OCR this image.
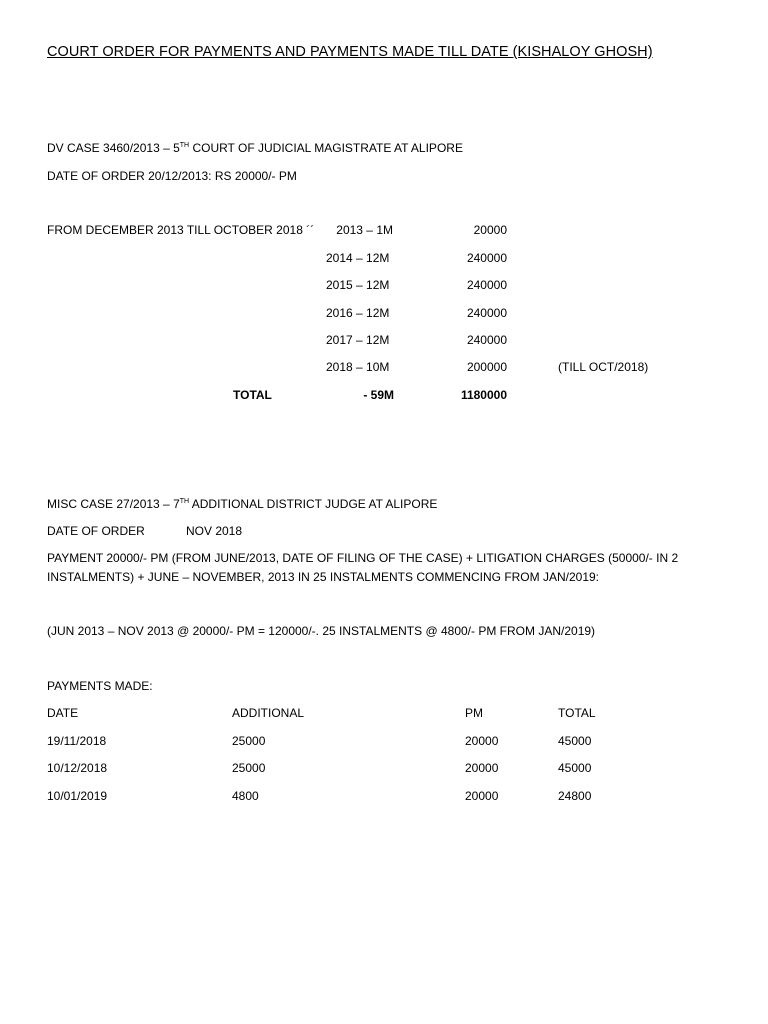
COURT ORDER FOR PAYMENTS AND PAYMENTS MADE TILL DATE (KISHALOY GHOSH)
DV CASE 3460/2013 – 5TH COURT OF JUDICIAL MAGISTRATE AT ALIPORE
DATE OF ORDER 20/12/2013: RS 20000/- PM
FROM DECEMBER 2013 TILL OCTOBER 2018 ´´ 2013 – 1M	20000
2014 – 12M	240000
2015 – 12M	240000
2016 – 12M	240000
2017 – 12M	240000
2018 – 10M	200000	(TILL OCT/2018)
TOTAL	- 59M	1180000
MISC CASE 27/2013 – 7TH ADDITIONAL DISTRICT JUDGE AT ALIPORE
DATE OF ORDER	NOV 2018
PAYMENT 20000/- PM (FROM JUNE/2013, DATE OF FILING OF THE CASE) + LITIGATION CHARGES (50000/- IN 2 INSTALMENTS) + JUNE – NOVEMBER, 2013 IN 25 INSTALMENTS COMMENCING FROM JAN/2019:
(JUN 2013 – NOV 2013 @ 20000/- PM = 120000/-. 25 INSTALMENTS @ 4800/- PM FROM JAN/2019)
PAYMENTS MADE:
DATE	ADDITIONAL	PM	TOTAL
19/11/2018	25000	20000	45000
10/12/2018	25000	20000	45000
10/01/2019	4800	20000	24800
